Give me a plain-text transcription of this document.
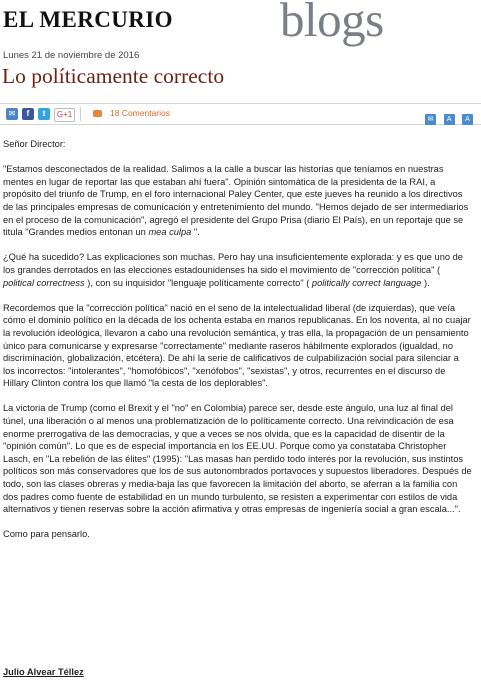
EL MERCURIO blogs
Lunes 21 de noviembre de 2016
Lo políticamente correcto
✉	f	t	G+1	18 Comentarios
✉ A A

Señor Director:

"Estamos desconectados de la realidad. Salimos a la calle a buscar las historias que teníamos en nuestras mentes en lugar de reportar las que estaban ahí fuera". Opinión sintomática de la presidenta de la RAI, a propósito del triunfo de Trump, en el foro internacional Paley Center, que este jueves ha reunido a los directivos de las principales empresas de comunicación y entretenimiento del mundo. "Hemos dejado de ser intermediarios en el proceso de la comunicación", agregó el presidente del Grupo Prisa (diario El País), en un reportaje que se titula "Grandes medios entonan un mea culpa ".

¿Qué ha sucedido? Las explicaciones son muchas. Pero hay una insuficientemente explorada: y es que uno de los grandes derrotados en las elecciones estadounidenses ha sido el movimiento de "corrección política" ( political correctness ), con su inquisidor "lenguaje políticamente correcto" ( politically correct language ).

Recordemos que la "corrección política" nació en el seno de la intelectualidad liberal (de izquierdas), que veía cómo el dominio político en la década de los ochenta estaba en manos republicanas. En los noventa, al no cuajar la revolución ideológica, llevaron a cabo una revolución semántica, y tras ella, la propagación de un pensamiento único para comunicarse y expresarse "correctamente" mediante raseros hábilmente explorados (igualdad, no discriminación, globalización, etcétera). De ahí la serie de calificativos de culpabilización social para silenciar a los incorrectos: "intolerantes", "homofóbicos", "xenófobos", "sexistas", y otros, recurrentes en el discurso de Hillary Clinton contra los que llamó "la cesta de los deplorables".

La victoria de Trump (como el Brexit y el "no" en Colombia) parece ser, desde este ángulo, una luz al final del túnel, una liberación o al menos una problematización de lo políticamente correcto. Una reivindicación de esa enorme prerrogativa de las democracias, y que a veces se nos olvida, que es la capacidad de disentir de la "opinión común". Lo que es de especial importancia en los EE.UU. Porque como ya constataba Christopher Lasch, en "La rebelión de las élites" (1995): "Las masas han perdido todo interés por la revolución, sus instintos políticos son más conservadores que los de sus autonombrados portavoces y supuestos liberadores. Después de todo, son las clases obreras y media-baja las que favorecen la limitación del aborto, se aferran a la familia con dos padres como fuente de estabilidad en un mundo turbulento, se resisten a experimentar con estilos de vida alternativos y tienen reservas sobre la acción afirmativa y otras empresas de ingeniería social a gran escala...".

Como para pensarlo.

Julio Alvear Téllez
